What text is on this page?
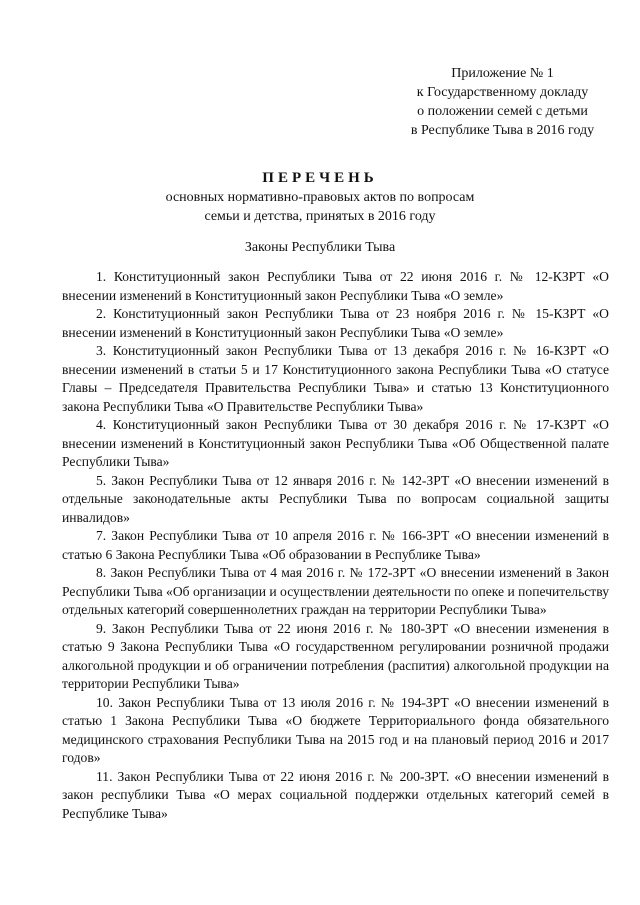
Приложение № 1
к Государственному докладу
о положении семей с детьми
в Республике Тыва в 2016 году
ПЕРЕЧЕНЬ
основных нормативно-правовых актов по вопросам
семьи и детства, принятых в 2016 году
Законы Республики Тыва

1. Конституционный закон Республики Тыва от 22 июня 2016 г. № 12-КЗРТ «О внесении изменений в Конституционный закон Республики Тыва «О земле»

2. Конституционный закон Республики Тыва от 23 ноября 2016 г. № 15-КЗРТ «О внесении изменений в Конституционный закон Республики Тыва «О земле»

3. Конституционный закон Республики Тыва от 13 декабря 2016 г. № 16-КЗРТ «О внесении изменений в статьи 5 и 17 Конституционного закона Республики Тыва «О статусе Главы – Председателя Правительства Республики Тыва» и статью 13 Конституционного закона Республики Тыва «О Правительстве Республики Тыва»

4. Конституционный закон Республики Тыва от 30 декабря 2016 г. № 17-КЗРТ «О внесении изменений в Конституционный закон Республики Тыва «Об Общественной палате Республики Тыва»

5. Закон Республики Тыва от 12 января 2016 г. № 142-ЗРТ «О внесении изменений в отдельные законодательные акты Республики Тыва по вопросам социальной защиты инвалидов»

7. Закон Республики Тыва от 10 апреля 2016 г. № 166-ЗРТ «О внесении изменений в статью 6 Закона Республики Тыва «Об образовании в Республике Тыва»

8. Закон Республики Тыва от 4 мая 2016 г. № 172-ЗРТ «О внесении изменений в Закон Республики Тыва «Об организации и осуществлении деятельности по опеке и попечительству отдельных категорий совершеннолетних граждан на территории Республики Тыва»

9. Закон Республики Тыва от 22 июня 2016 г. № 180-ЗРТ «О внесении изменения в статью 9 Закона Республики Тыва «О государственном регулировании розничной продажи алкогольной продукции и об ограничении потребления (распития) алкогольной продукции на территории Республики Тыва»

10. Закон Республики Тыва от 13 июля 2016 г. № 194-ЗРТ «О внесении изменений в статью 1 Закона Республики Тыва «О бюджете Территориального фонда обязательного медицинского страхования Республики Тыва на 2015 год и на плановый период 2016 и 2017 годов»

11. Закон Республики Тыва от 22 июня 2016 г. № 200-ЗРТ. «О внесении изменений в закон республики Тыва «О мерах социальной поддержки отдельных категорий семей в Республике Тыва»
